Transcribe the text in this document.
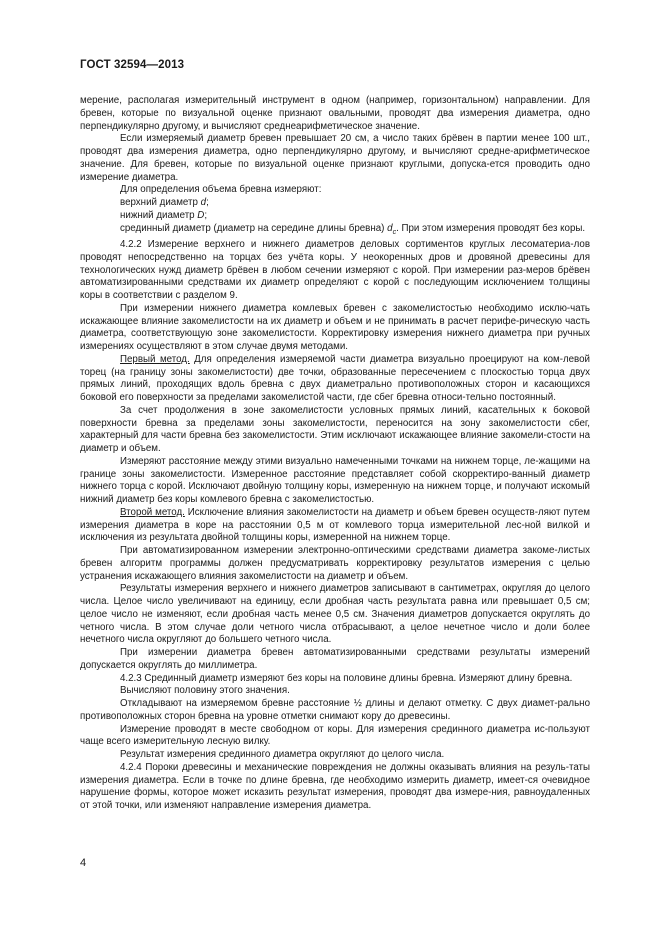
ГОСТ 32594—2013

мерение, располагая измерительный инструмент в одном (например, горизонтальном) направлении. Для бревен, которые по визуальной оценке признают овальными, проводят два измерения диаметра, одно перпендикулярно другому, и вычисляют среднеарифметическое значение.

Если измеряемый диаметр бревен превышает 20 см, а число таких брёвен в партии менее 100 шт., проводят два измерения диаметра, одно перпендикулярно другому, и вычисляют средне-арифметическое значение. Для бревен, которые по визуальной оценке признают круглыми, допуска-ется проводить одно измерение диаметра.

Для определения объема бревна измеряют:

верхний диаметр d;

нижний диаметр D;

срединный диаметр (диаметр на середине длины бревна) $d_c$. При этом измерения проводят без коры.

4.2.2 Измерение верхнего и нижнего диаметров деловых сортиментов круглых лесоматериа-лов проводят непосредственно на торцах без учёта коры. У неокоренных дров и дровяной древесины для технологических нужд диаметр брёвен в любом сечении измеряют с корой. При измерении раз-меров брёвен автоматизированными средствами их диаметр определяют с корой с последующим исключением толщины коры в соответствии с разделом 9.

При измерении нижнего диаметра комлевых бревен с закомелистостью необходимо исклю-чать искажающее влияние закомелистости на их диаметр и объем и не принимать в расчет перифе-рическую часть диаметра, соответствующую зоне закомелистости. Корректировку измерения нижнего диаметра при ручных измерениях осуществляют в этом случае двумя методами.

Первый метод. Для определения измеряемой части диаметра визуально проецируют на ком-левой торец (на границу зоны закомелистости) две точки, образованные пересечением с плоскостью торца двух прямых линий, проходящих вдоль бревна с двух диаметрально противоположных сторон и касающихся боковой его поверхности за пределами закомелистой части, где сбег бревна относи-тельно постоянный.

За счет продолжения в зоне закомелистости условных прямых линий, касательных к боковой поверхности бревна за пределами зоны закомелистости, переносится на зону закомелистости сбег, характерный для части бревна без закомелистости. Этим исключают искажающее влияние закомели-стости на диаметр и объем.

Измеряют расстояние между этими визуально намеченными точками на нижнем торце, ле-жащими на границе зоны закомелистости. Измеренное расстояние представляет собой скорректиро-ванный диаметр нижнего торца с корой. Исключают двойную толщину коры, измеренную на нижнем торце, и получают искомый нижний диаметр без коры комлевого бревна с закомелистостью.

Второй метод. Исключение влияния закомелистости на диаметр и объем бревен осуществ-ляют путем измерения диаметра в коре на расстоянии 0,5 м от комлевого торца измерительной лес-ной вилкой и исключения из результата двойной толщины коры, измеренной на нижнем торце.

При автоматизированном измерении электронно-оптическими средствами диаметра закоме-листых бревен алгоритм программы должен предусматривать корректировку результатов измерения с целью устранения искажающего влияния закомелистости на диаметр и объем.

Результаты измерения верхнего и нижнего диаметров записывают в сантиметрах, округляя до целого числа. Целое число увеличивают на единицу, если дробная часть результата равна или превышает 0,5 см; целое число не изменяют, если дробная часть менее 0,5 см. Значения диаметров допускается округлять до четного числа. В этом случае доли четного числа отбрасывают, а целое нечетное число и доли более нечетного числа округляют до большего четного числа.

При измерении диаметра бревен автоматизированными средствами результаты измерений допускается округлять до миллиметра.

4.2.3 Срединный диаметр измеряют без коры на половине длины бревна. Измеряют длину бревна.

Вычисляют половину этого значения.

Откладывают на измеряемом бревне расстояние ½ длины и делают отметку. С двух диамет-рально противоположных сторон бревна на уровне отметки снимают кору до древесины.

Измерение проводят в месте свободном от коры. Для измерения срединного диаметра ис-пользуют чаще всего измерительную лесную вилку.

Результат измерения срединного диаметра округляют до целого числа.

4.2.4 Пороки древесины и механические повреждения не должны оказывать влияния на резуль-таты измерения диаметра. Если в точке по длине бревна, где необходимо измерить диаметр, имеет-ся очевидное нарушение формы, которое может исказить результат измерения, проводят два измере-ния, равноудаленных от этой точки, или изменяют направление измерения диаметра.

4
